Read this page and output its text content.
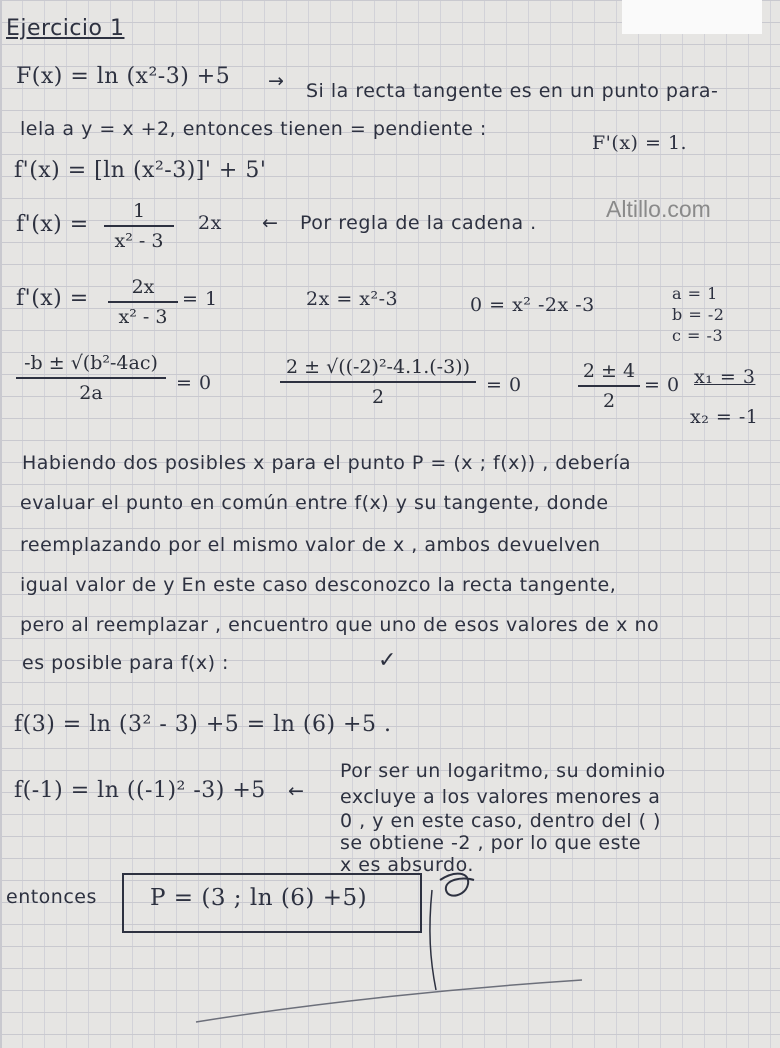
Ejercicio 1
F(x) = ln (x²-3) +5 → Si la recta tangente es en un punto para-
lela a y = x +2, entonces tienen = pendiente :
F'(x) = 1.
f'(x) = [ln (x²-3)]' + 5'
f'(x) =
1
x² - 3
2x ← Por regla de la cadena .
Altillo.com
f'(x) =	2x
x² - 3
= 1	2x = x²-3	0 = x² -2x -3
a = 1
b = -2
c = -3
-b ± √(b²-4ac)
2a	= 0
2 ± √((-2)²-4.1.(-3))
2
= 0
2 ± 4
2
= 0 x₁ = 3
x₂ = -1
Habiendo dos posibles x para el punto P = (x ; f(x)) , debería
evaluar el punto en común entre f(x) y su tangente, donde
reemplazando por el mismo valor de x , ambos devuelven
igual valor de y En este caso desconozco la recta tangente,
pero al reemplazar , encuentro que uno de esos valores de x no
es posible para f(x) :	✓
f(3) = ln (3² - 3) +5 = ln (6) +5 .
f(-1) = ln ((-1)² -3) +5 ←
Por ser un logaritmo, su dominio
excluye a los valores menores a
0 , y en este caso, dentro del ( )
se obtiene -2 , por lo que este
x es absurdo.
entonces P = (3 ; ln (6) +5)
